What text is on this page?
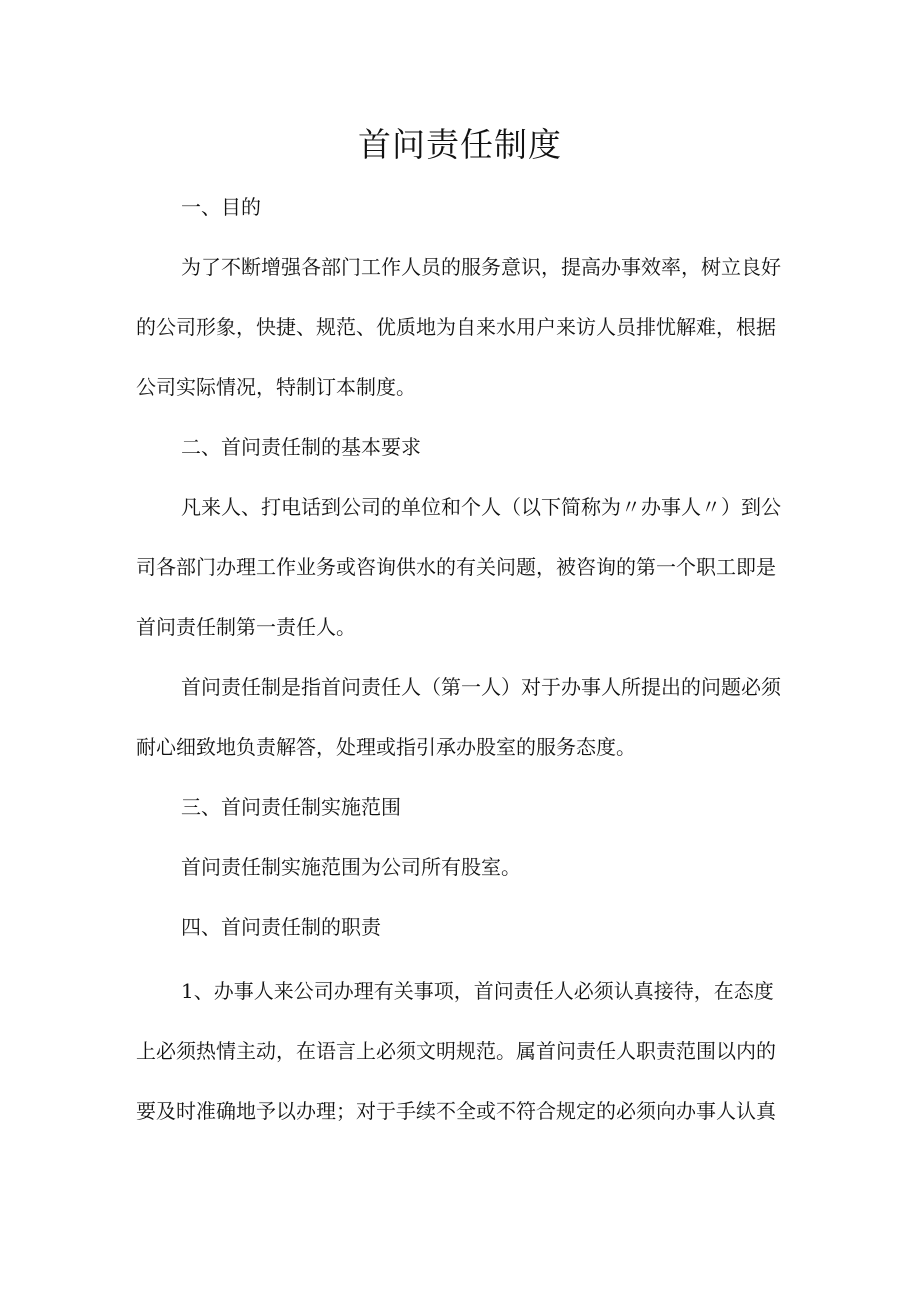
首问责任制度
一、目的
为了不断增强各部门工作人员的服务意识，提高办事效率，树立良好
的公司形象，快捷、规范、优质地为自来水用户来访人员排忧解难，根据
公司实际情况，特制订本制度。
二、首问责任制的基本要求
凡来人、打电话到公司的单位和个人（以下简称为〃办事人〃）到公
司各部门办理工作业务或咨询供水的有关问题，被咨询的第一个职工即是
首问责任制第一责任人。
首问责任制是指首问责任人（第一人）对于办事人所提出的问题必须
耐心细致地负责解答，处理或指引承办股室的服务态度。
三、首问责任制实施范围
首问责任制实施范围为公司所有股室。
四、首问责任制的职责
1、办事人来公司办理有关事项，首问责任人必须认真接待，在态度
上必须热情主动，在语言上必须文明规范。属首问责任人职责范围以内的
要及时准确地予以办理；对于手续不全或不符合规定的必须向办事人认真
